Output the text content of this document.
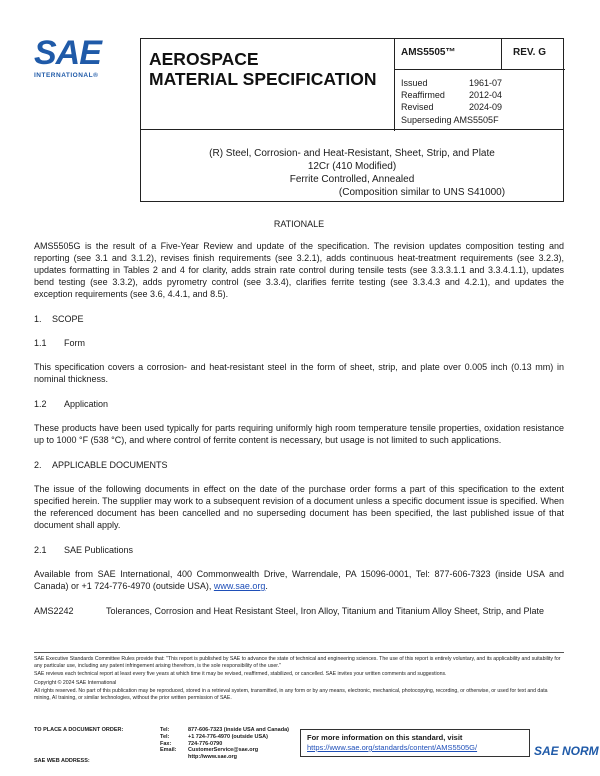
SAE
INTERNATIONAL®
AEROSPACE
MATERIAL SPECIFICATION
AMS5505™	REV. G
Issued	1961-07
Reaffirmed	2012-04
Revised	2024-09
Superseding AMS5505F
(R) Steel, Corrosion- and Heat-Resistant, Sheet, Strip, and Plate
12Cr (410 Modified)
Ferrite Controlled, Annealed
(Composition similar to UNS S41000)
RATIONALE
AMS5505G is the result of a Five-Year Review and update of the specification. The revision updates composition testing and reporting (see 3.1 and 3.1.2), revises finish requirements (see 3.2.1), adds continuous heat-treatment requirements (see 3.2.3), updates formatting in Tables 2 and 4 for clarity, adds strain rate control during tensile tests (see 3.3.3.1.1 and 3.3.4.1.1), updates bend testing (see 3.3.2), adds pyrometry control (see 3.3.4), clarifies ferrite testing (see 3.3.4.3 and 4.2.1), and updates the exception requirements (see 3.6, 4.4.1, and 8.5).
1. SCOPE
1.1 Form
This specification covers a corrosion- and heat-resistant steel in the form of sheet, strip, and plate over 0.005 inch (0.13 mm) in nominal thickness.
1.2 Application
These products have been used typically for parts requiring uniformly high room temperature tensile properties, oxidation resistance up to 1000 °F (538 °C), and where control of ferrite content is necessary, but usage is not limited to such applications.
2. APPLICABLE DOCUMENTS
The issue of the following documents in effect on the date of the purchase order forms a part of this specification to the extent specified herein. The supplier may work to a subsequent revision of a document unless a specific document issue is specified. When the referenced document has been cancelled and no superseding document has been specified, the last published issue of that document shall apply.
2.1 SAE Publications
Available from SAE International, 400 Commonwealth Drive, Warrendale, PA 15096-0001, Tel: 877-606-7323 (inside USA and Canada) or +1 724-776-4970 (outside USA), www.sae.org.
AMS2242	Tolerances, Corrosion and Heat Resistant Steel, Iron Alloy, Titanium and Titanium Alloy Sheet, Strip, and Plate

SAE Executive Standards Committee Rules provide that: "This report is published by SAE to advance the state of technical and engineering sciences. The use of this report is entirely voluntary, and its applicability and suitability for any particular use, including any patent infringement arising therefrom, is the sole responsibility of the user."

SAE reviews each technical report at least every five years at which time it may be revised, reaffirmed, stabilized, or cancelled. SAE invites your written comments and suggestions.

Copyright © 2024 SAE International

All rights reserved. No part of this publication may be reproduced, stored in a retrieval system, transmitted, in any form or by any means, electronic, mechanical, photocopying, recording, or otherwise, or used for text and data mining, AI training, or similar technologies, without the prior written permission of SAE.

TO PLACE A DOCUMENT ORDER:	Tel:	877-606-7323 (inside USA and Canada)
Tel:	+1 724-776-4970 (outside USA)
Fax:	724-776-0790
Email:	CustomerService@sae.org
http://www.sae.org
SAE WEB ADDRESS:
For more information on this standard, visit
https://www.sae.org/standards/content/AMS5505G/	SAE NORM
